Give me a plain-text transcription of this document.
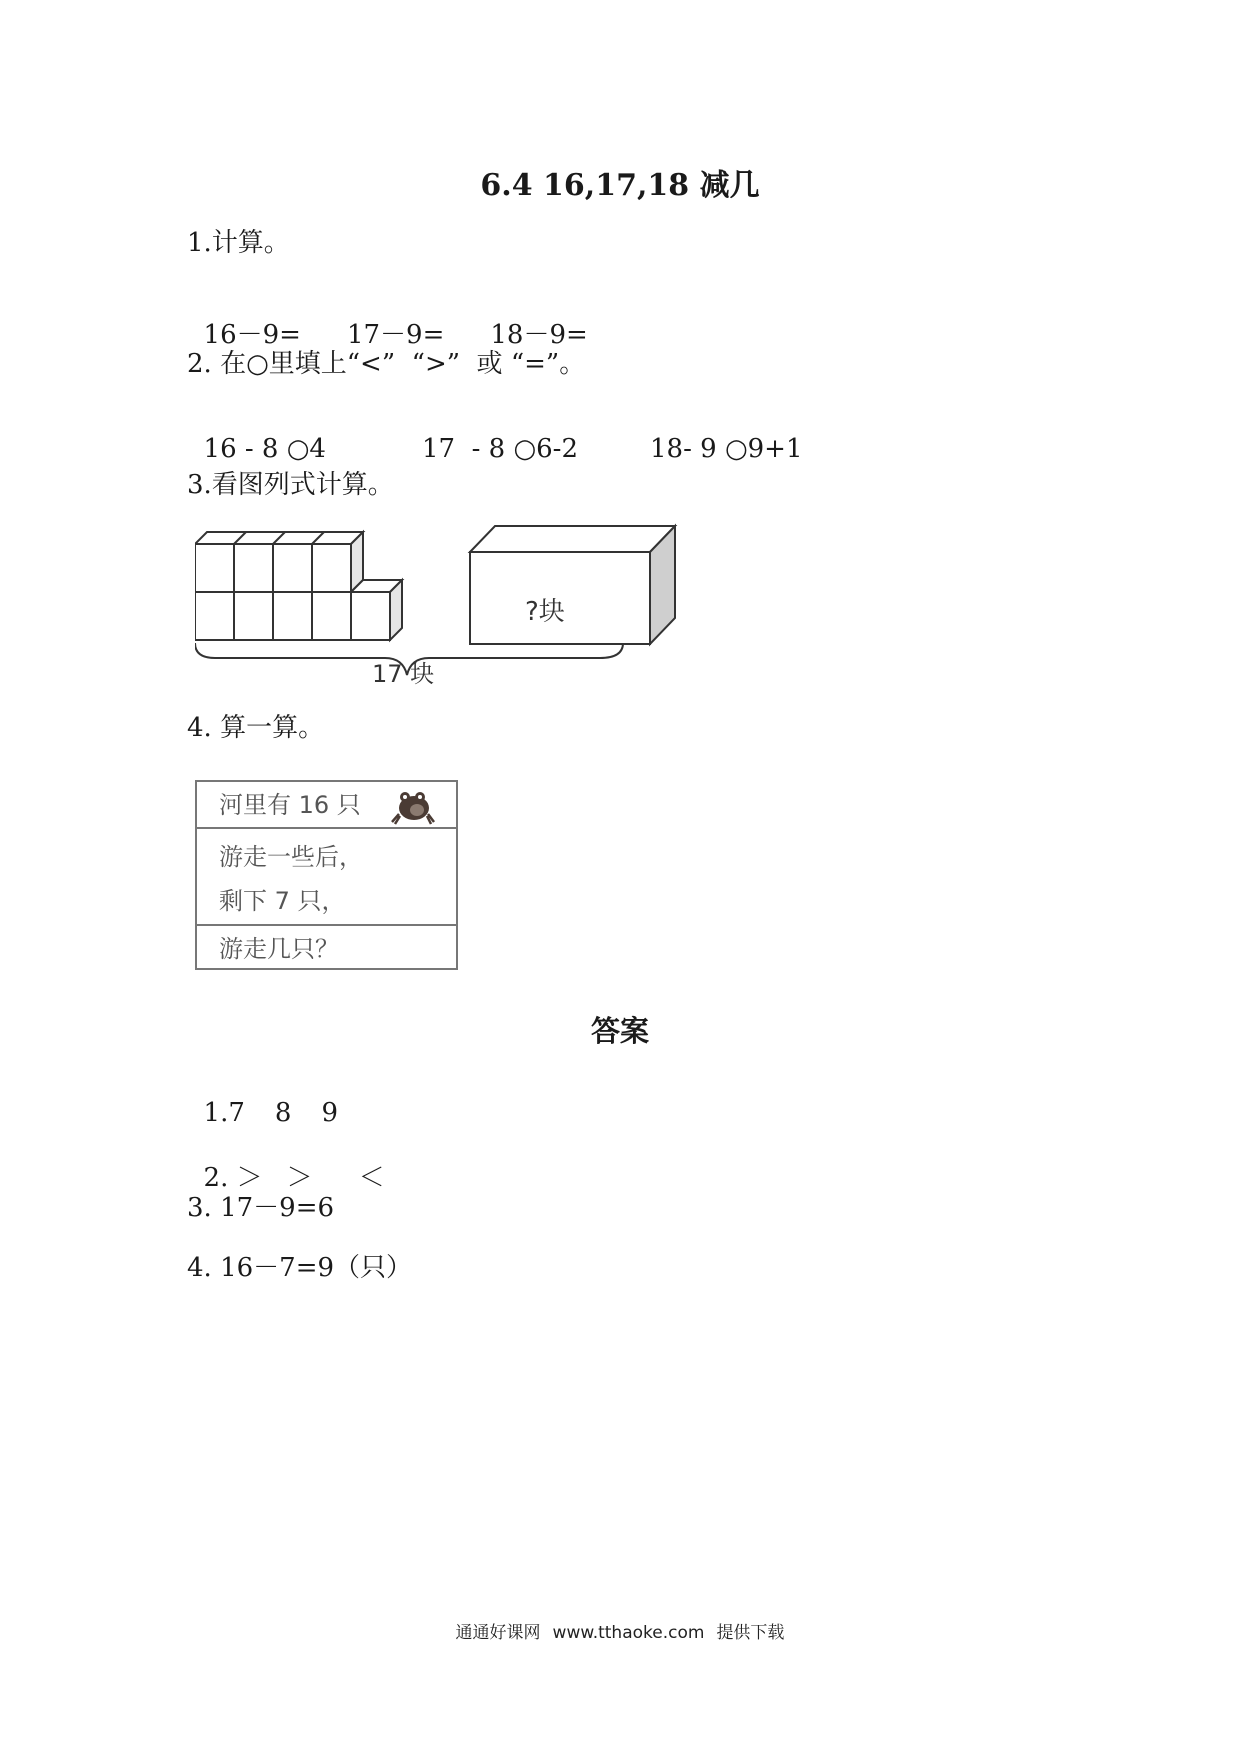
6.4 16,17,18 减几
1.计算。

16－9= 17－9= 18－9=

2. 在○里填上“<”  “>”  或 “=”。

16 - 8 ○4	17  - 8 ○6-2	18- 9 ○9+1

3.看图列式计算。
?块
17 块
4. 算一算。
河里有 16 只
游走一些后，
剩下 7 只，
游走几只？
答案

1.7 8 9

2. ＞ ＞ ＜

3. 17－9=6
4. 16－7=9（只）
通通好课网 www.tthaoke.com 提供下载
